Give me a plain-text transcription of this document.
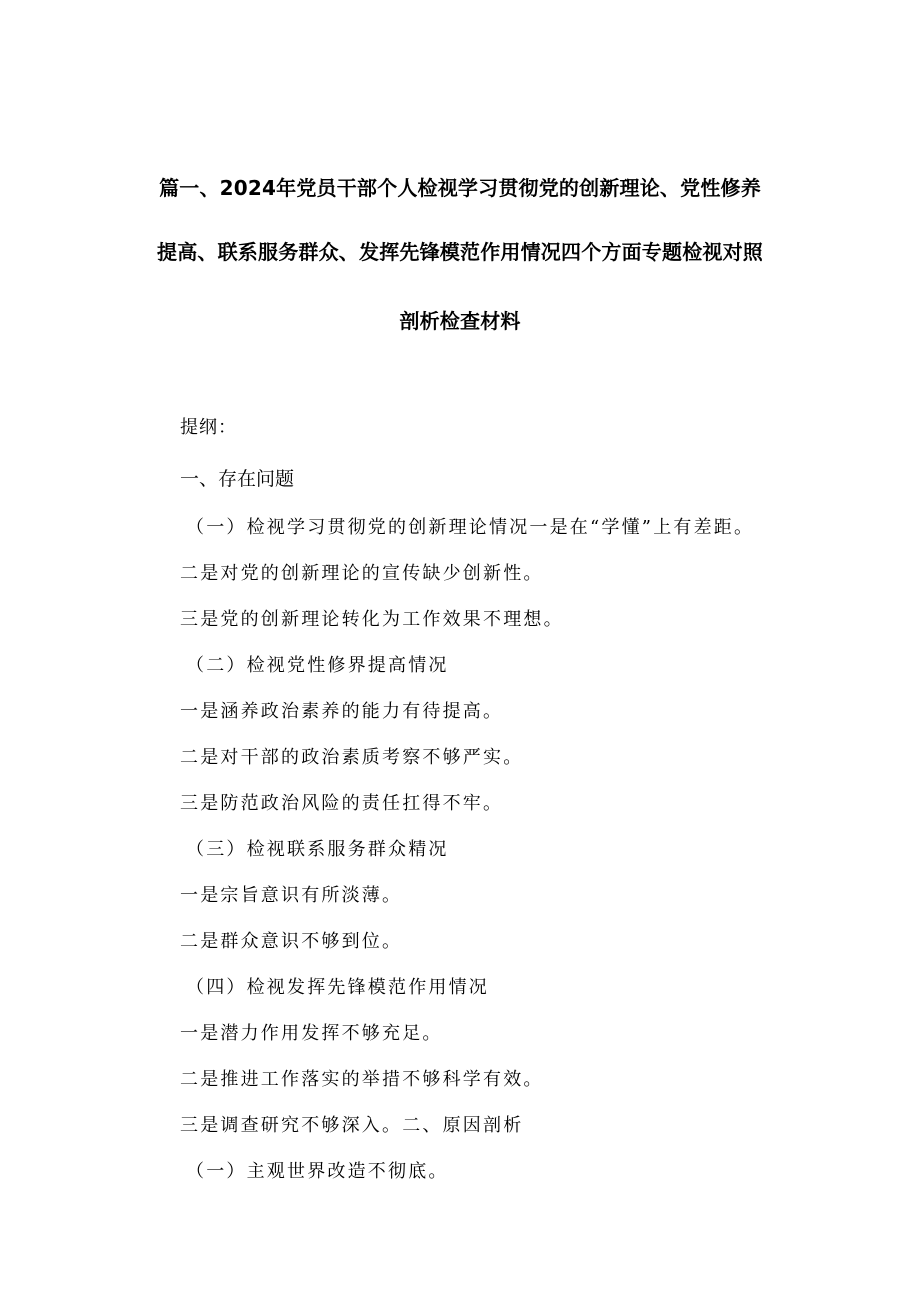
篇一、2024年党员干部个人检视学习贯彻党的创新理论、党性修养
提高、联系服务群众、发挥先锋模范作用情况四个方面专题检视对照
剖析检查材料
提纲：
一、存在问题
（一）检视学习贯彻党的创新理论情况一是在“学懂”上有差距。
二是对党的创新理论的宣传缺少创新性。
三是党的创新理论转化为工作效果不理想。
（二）检视党性修界提高情况
一是涵养政治素养的能力有待提高。
二是对干部的政治素质考察不够严实。
三是防范政治风险的责任扛得不牢。
（三）检视联系服务群众精况
一是宗旨意识有所淡薄。
二是群众意识不够到位。
（四）检视发挥先锋模范作用情况
一是潜力作用发挥不够充足。
二是推进工作落实的举措不够科学有效。
三是调查研究不够深入。二、原因剖析
（一）主观世界改造不彻底。
